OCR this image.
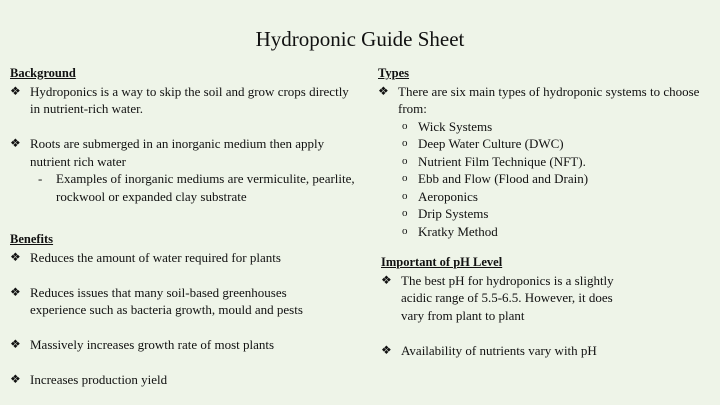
Hydroponic Guide Sheet
Background
❖ Hydroponics is a way to skip the soil and grow crops directly in nutrient-rich water.
❖ Roots are submerged in an inorganic medium then apply nutrient rich water
- Examples of inorganic mediums are vermiculite, pearlite, rockwool or expanded clay substrate
Benefits
❖ Reduces the amount of water required for plants
❖ Reduces issues that many soil-based greenhouses experience such as bacteria growth, mould and pests
❖ Massively increases growth rate of most plants
❖ Increases production yield
Types
❖ There are six main types of hydroponic systems to choose from:
o Wick Systems
o Deep Water Culture (DWC)
o Nutrient Film Technique (NFT).
o Ebb and Flow (Flood and Drain)
o Aeroponics
o Drip Systems
o Kratky Method
Important of pH Level
❖ The best pH for hydroponics is a slightly acidic range of 5.5-6.5. However, it does vary from plant to plant
❖ Availability of nutrients vary with pH
